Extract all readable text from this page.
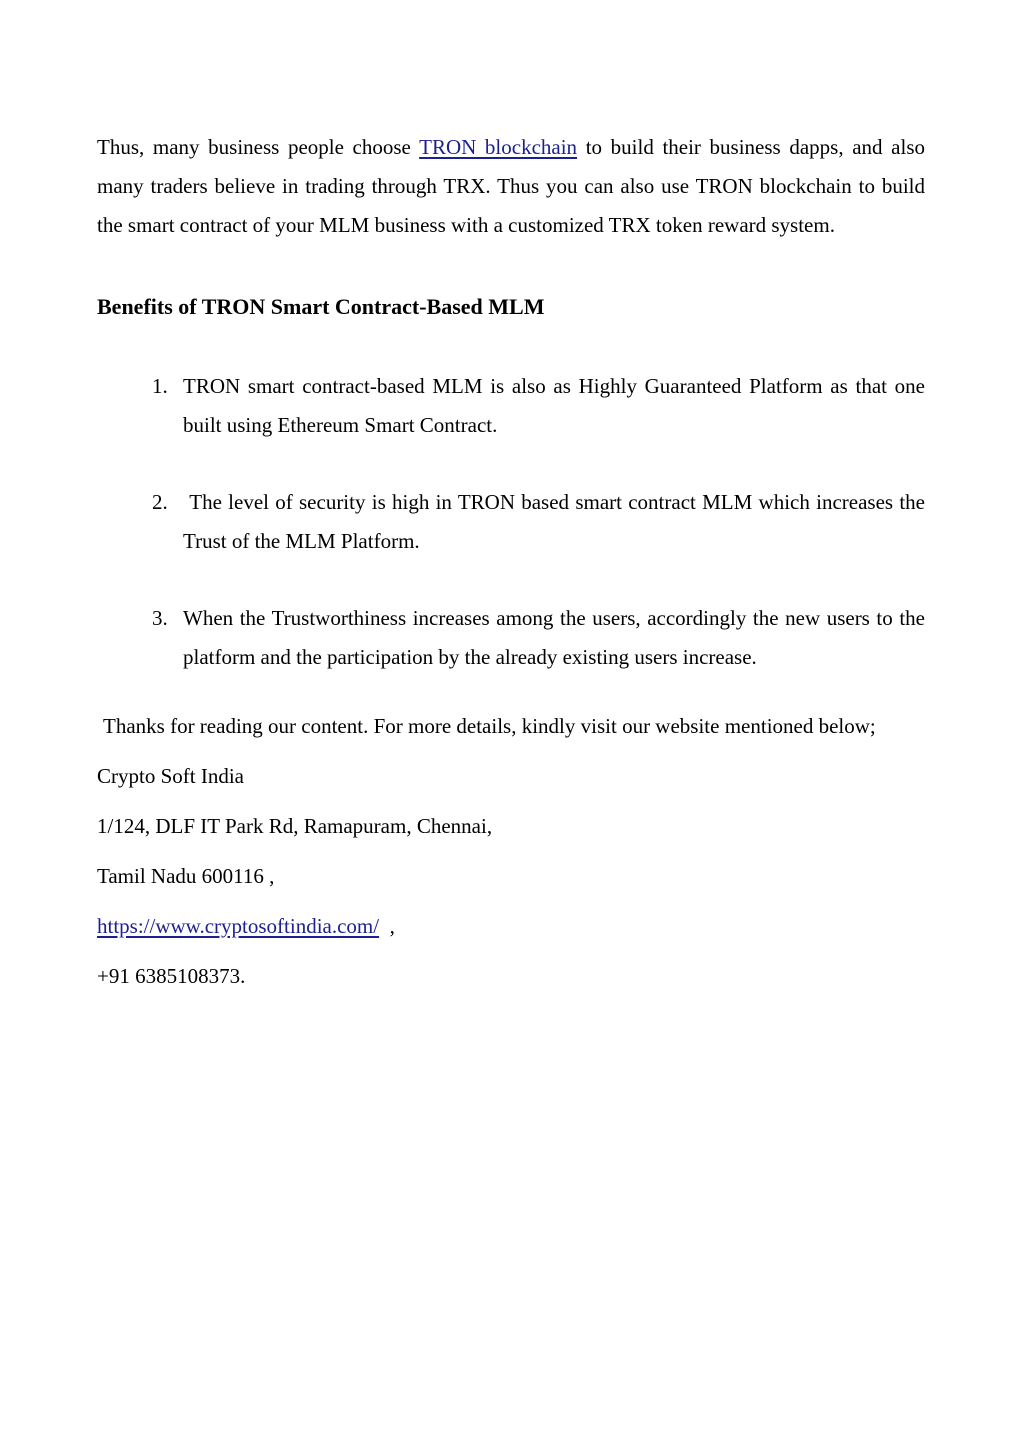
Thus, many business people choose TRON blockchain to build their business dapps, and also many traders believe in trading through TRX. Thus you can also use TRON blockchain to build the smart contract of your MLM business with a customized TRX token reward system.

Benefits of TRON Smart Contract-Based MLM
1. TRON smart contract-based MLM is also as Highly Guaranteed Platform as that one built using Ethereum Smart Contract.
2. The level of security is high in TRON based smart contract MLM which increases the Trust of the MLM Platform.
3. When the Trustworthiness increases among the users, accordingly the new users to the platform and the participation by the already existing users increase.

Thanks for reading our content. For more details, kindly visit our website mentioned below;

Crypto Soft India

1/124, DLF IT Park Rd, Ramapuram, Chennai,

Tamil Nadu 600116 ,

https://www.cryptosoftindia.com/  ,

+91 6385108373.
